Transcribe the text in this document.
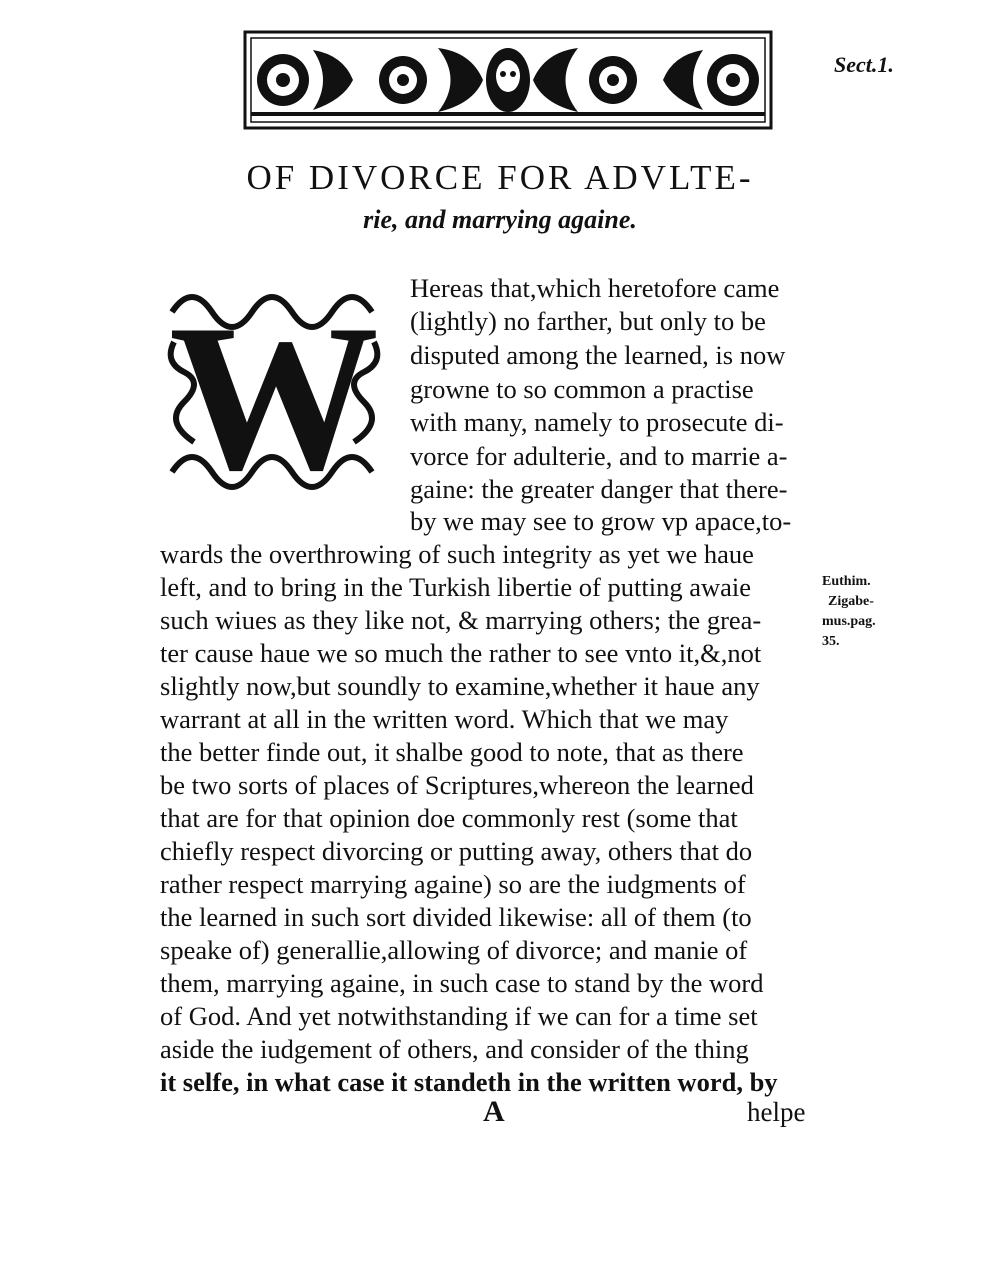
Sect.1.
OF DIVORCE FOR ADVLTE-
rie, and marrying againe.
W Hereas that,which heretofore came
(lightly) no farther, but only to be
disputed among the learned, is now
growne to so common a practise
with many, namely to prosecute di-
vorce for adulterie, and to marrie a-
gaine: the greater danger that there-
by we may see to grow vp apace,to-
wards the overthrowing of such integrity as yet we haue
left, and to bring in the Turkish libertie of putting awaie
such wiues as they like not, & marrying others; the grea-
ter cause haue we so much the rather to see vnto it,&,not
slightly now,but soundly to examine,whether it haue any
warrant at all in the written word. Which that we may
the better finde out, it shalbe good to note, that as there
be two sorts of places of Scriptures,whereon the learned
that are for that opinion doe commonly rest (some that
chiefly respect divorcing or putting away, others that do
rather respect marrying againe) so are the iudgments of
the learned in such sort divided likewise: all of them (to
speake of) generallie,allowing of divorce; and manie of
them, marrying againe, in such case to stand by the word
of God. And yet notwithstanding if we can for a time set
aside the iudgement of others, and consider of the thing
it selfe, in what case it standeth in the written word, by
Euthim.
Zigabe-
mus.pag.
35.
A	helpe
